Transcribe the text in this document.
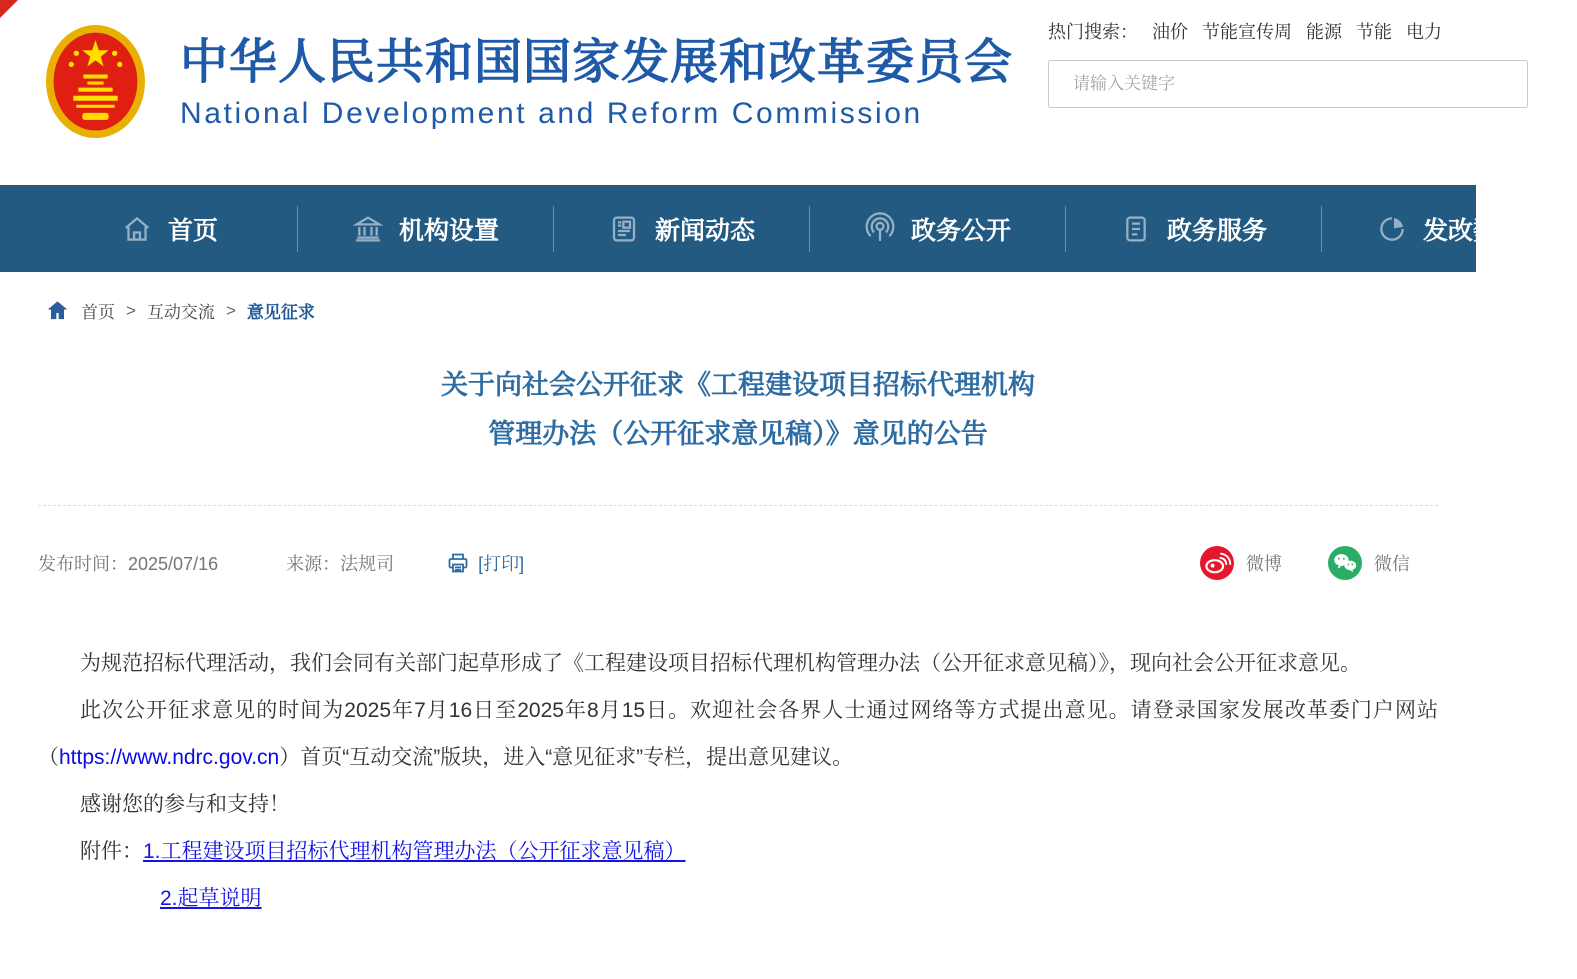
中华人民共和国国家发展和改革委员会
National Development and Reform Commission
热门搜索： 油价 节能宣传周 能源 节能 电力
请输入关键字
首页	机构设置	新闻动态	政务公开	政务服务	发改数据
首页 > 互动交流 > 意见征求
关于向社会公开征求《工程建设项目招标代理机构
管理办法（公开征求意见稿）》意见的公告
发布时间：2025/07/16	来源：法规司	[打印]	微博	微信

为规范招标代理活动，我们会同有关部门起草形成了《工程建设项目招标代理机构管理办法（公开征求意见稿）》，现向社会公开征求意见。

此次公开征求意见的时间为2025年7月16日至2025年8月15日。欢迎社会各界人士通过网络等方式提出意见。请登录国家发展改革委门户网站（https://www.ndrc.gov.cn）首页“互动交流”版块，进入“意见征求”专栏，提出意见建议。

感谢您的参与和支持！

附件：1.工程建设项目招标代理机构管理办法（公开征求意见稿）

2.起草说明
